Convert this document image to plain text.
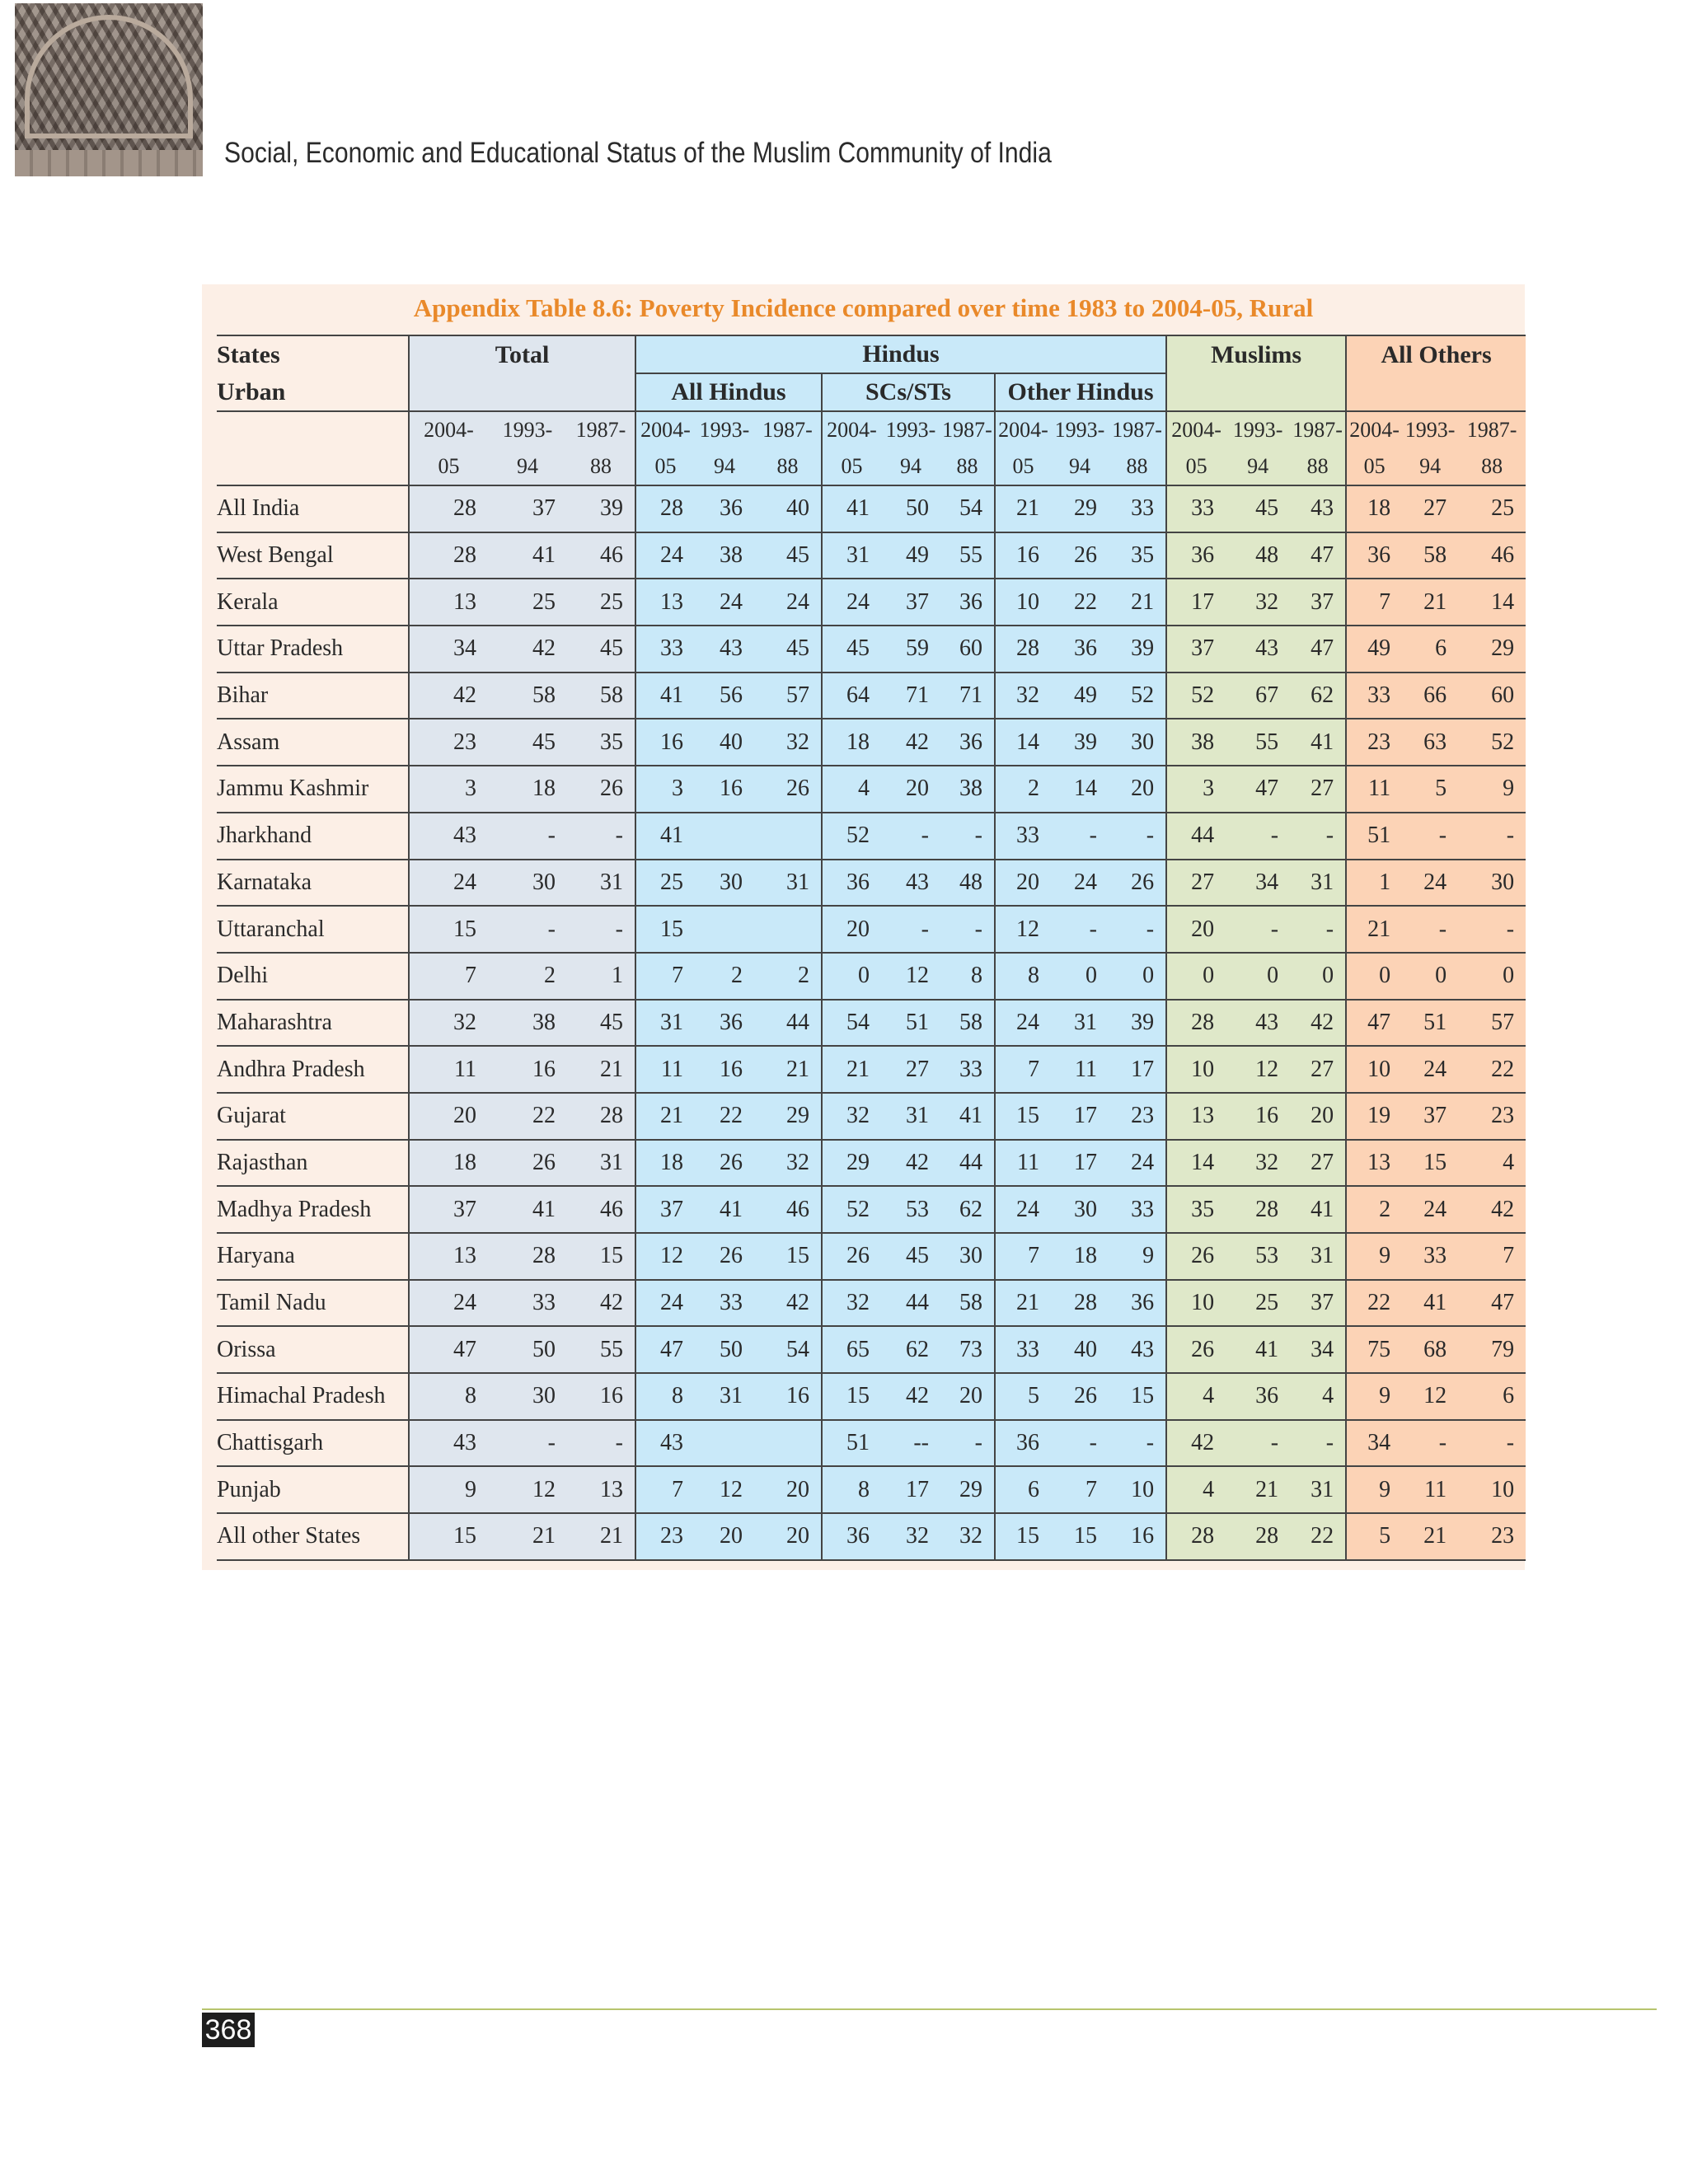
Social, Economic and Educational Status of the Muslim Community of India
Appendix Table 8.6: Poverty Incidence compared over time 1983 to 2004-05, Rural
States	Total			Hindus									Muslims			All Others		
Urban				All Hindus			SCs/STs			Other Hindus								
	2004-	1993-	1987-	2004-	1993-	1987-	2004-	1993-	1987-	2004-	1993-	1987-	2004-	1993-	1987-	2004-	1993-	1987-
	05	94	88	05	94	88	05	94	88	05	94	88	05	94	88	05	94	88
All India	28	37	39	28	36	40	41	50	54	21	29	33	33	45	43	18	27	25
West Bengal	28	41	46	24	38	45	31	49	55	16	26	35	36	48	47	36	58	46
Kerala	13	25	25	13	24	24	24	37	36	10	22	21	17	32	37	7	21	14
Uttar Pradesh	34	42	45	33	43	45	45	59	60	28	36	39	37	43	47	49	6	29
Bihar	42	58	58	41	56	57	64	71	71	32	49	52	52	67	62	33	66	60
Assam	23	45	35	16	40	32	18	42	36	14	39	30	38	55	41	23	63	52
Jammu Kashmir	3	18	26	3	16	26	4	20	38	2	14	20	3	47	27	11	5	9
Jharkhand	43	-	-	41			52	-	-	33	-	-	44	-	-	51	-	-
Karnataka	24	30	31	25	30	31	36	43	48	20	24	26	27	34	31	1	24	30
Uttaranchal	15	-	-	15			20	-	-	12	-	-	20	-	-	21	-	-
Delhi	7	2	1	7	2	2	0	12	8	8	0	0	0	0	0	0	0	0
Maharashtra	32	38	45	31	36	44	54	51	58	24	31	39	28	43	42	47	51	57
Andhra Pradesh	11	16	21	11	16	21	21	27	33	7	11	17	10	12	27	10	24	22
Gujarat	20	22	28	21	22	29	32	31	41	15	17	23	13	16	20	19	37	23
Rajasthan	18	26	31	18	26	32	29	42	44	11	17	24	14	32	27	13	15	4
Madhya Pradesh	37	41	46	37	41	46	52	53	62	24	30	33	35	28	41	2	24	42
Haryana	13	28	15	12	26	15	26	45	30	7	18	9	26	53	31	9	33	7
Tamil Nadu	24	33	42	24	33	42	32	44	58	21	28	36	10	25	37	22	41	47
Orissa	47	50	55	47	50	54	65	62	73	33	40	43	26	41	34	75	68	79
Himachal Pradesh	8	30	16	8	31	16	15	42	20	5	26	15	4	36	4	9	12	6
Chattisgarh	43	-	-	43			51	--	-	36	-	-	42	-	-	34	-	-
Punjab	9	12	13	7	12	20	8	17	29	6	7	10	4	21	31	9	11	10
All other States	15	21	21	23	20	20	36	32	32	15	15	16	28	28	22	5	21	23
368
